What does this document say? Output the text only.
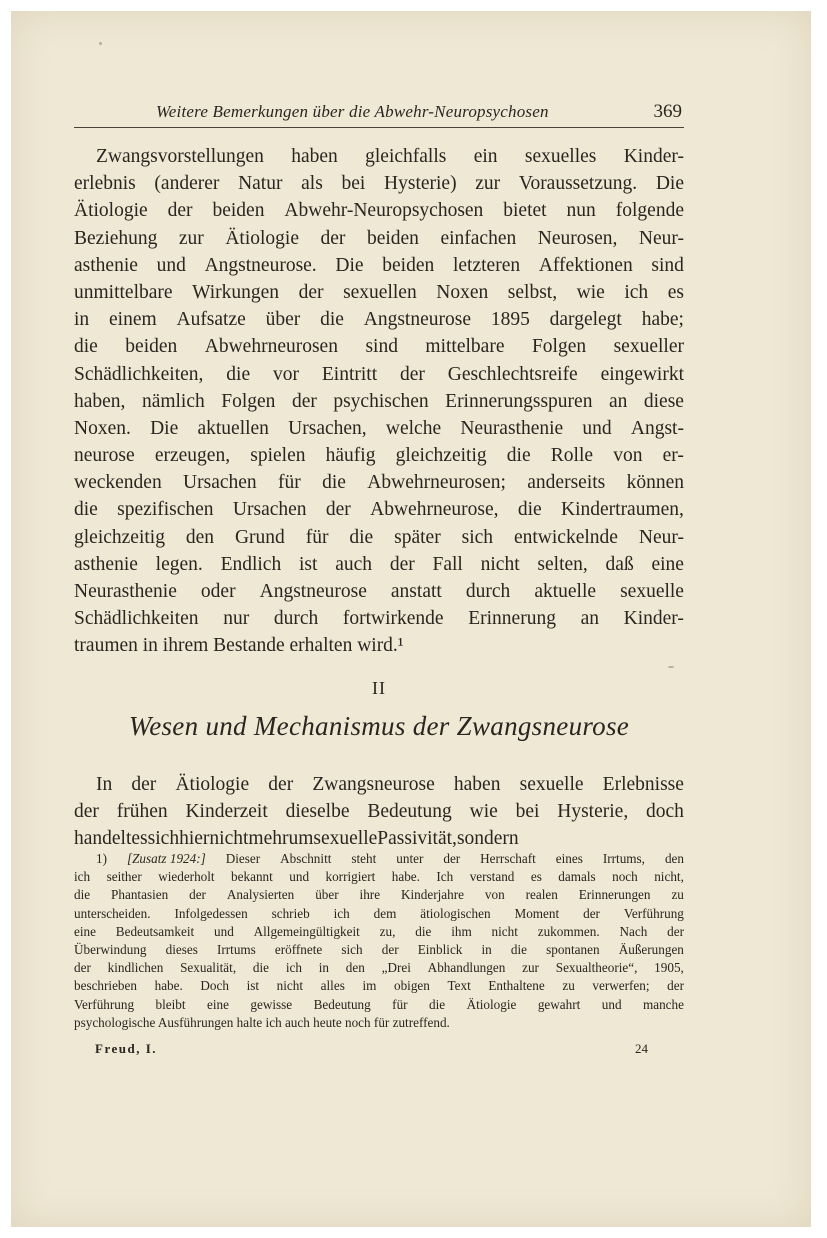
Weitere Bemerkungen über die Abwehr-Neuropsychosen	369
Zwangsvorstellungen haben gleichfalls ein sexuelles Kinder-
erlebnis (anderer Natur als bei Hysterie) zur Voraussetzung. Die
Ätiologie der beiden Abwehr-Neuropsychosen bietet nun folgende
Beziehung zur Ätiologie der beiden einfachen Neurosen, Neur-
asthenie und Angstneurose. Die beiden letzteren Affektionen sind
unmittelbare Wirkungen der sexuellen Noxen selbst, wie ich es
in einem Aufsatze über die Angstneurose 1895 dargelegt habe;
die beiden Abwehrneurosen sind mittelbare Folgen sexueller
Schädlichkeiten, die vor Eintritt der Geschlechtsreife eingewirkt
haben, nämlich Folgen der psychischen Erinnerungsspuren an diese
Noxen. Die aktuellen Ursachen, welche Neurasthenie und Angst-
neurose erzeugen, spielen häufig gleichzeitig die Rolle von er-
weckenden Ursachen für die Abwehrneurosen; anderseits können
die spezifischen Ursachen der Abwehrneurose, die Kindertraumen,
gleichzeitig den Grund für die später sich entwickelnde Neur-
asthenie legen. Endlich ist auch der Fall nicht selten, daß eine
Neurasthenie oder Angstneurose anstatt durch aktuelle sexuelle
Schädlichkeiten nur durch fortwirkende Erinnerung an Kinder-
traumen in ihrem Bestande erhalten wird.¹
II
Wesen und Mechanismus der Zwangsneurose
In der Ätiologie der Zwangsneurose haben sexuelle Erlebnisse
der frühen Kinderzeit dieselbe Bedeutung wie bei Hysterie, doch
handelt es sich hier nicht mehr um sexuelle Passivität, sondern
1) [Zusatz 1924:] Dieser Abschnitt steht unter der Herrschaft eines Irrtums, den
ich seither wiederholt bekannt und korrigiert habe. Ich verstand es damals noch nicht,
die Phantasien der Analysierten über ihre Kinderjahre von realen Erinnerungen zu
unterscheiden. Infolgedessen schrieb ich dem ätiologischen Moment der Verführung
eine Bedeutsamkeit und Allgemeingültigkeit zu, die ihm nicht zukommen. Nach der
Überwindung dieses Irrtums eröffnete sich der Einblick in die spontanen Äußerungen
der kindlichen Sexualität, die ich in den „Drei Abhandlungen zur Sexualtheorie“, 1905,
beschrieben habe. Doch ist nicht alles im obigen Text Enthaltene zu verwerfen; der
Verführung bleibt eine gewisse Bedeutung für die Ätiologie gewahrt und manche
psychologische Ausführungen halte ich auch heute noch für zutreffend.
Freud, I.	24
